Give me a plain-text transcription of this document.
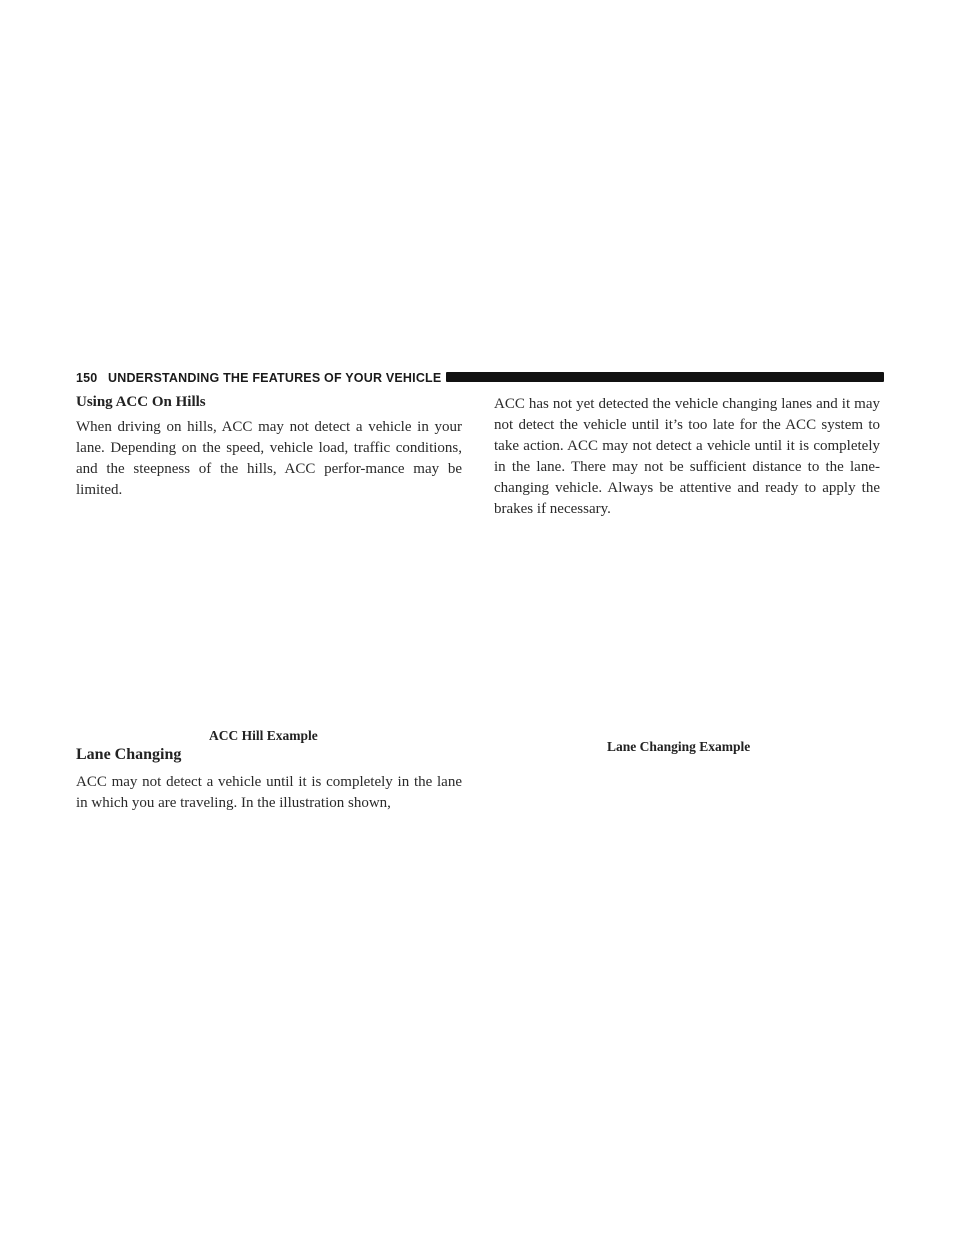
150 UNDERSTANDING THE FEATURES OF YOUR VEHICLE
Using ACC On Hills

When driving on hills, ACC may not detect a vehicle in your lane. Depending on the speed, vehicle load, traffic conditions, and the steepness of the hills, ACC perfor-mance may be limited.

ACC Hill Example
Lane Changing

ACC may not detect a vehicle until it is completely in the lane in which you are traveling. In the illustration shown,

ACC has not yet detected the vehicle changing lanes and it may not detect the vehicle until it’s too late for the ACC system to take action. ACC may not detect a vehicle until it is completely in the lane. There may not be sufficient distance to the lane-changing vehicle. Always be attentive and ready to apply the brakes if necessary.

Lane Changing Example
